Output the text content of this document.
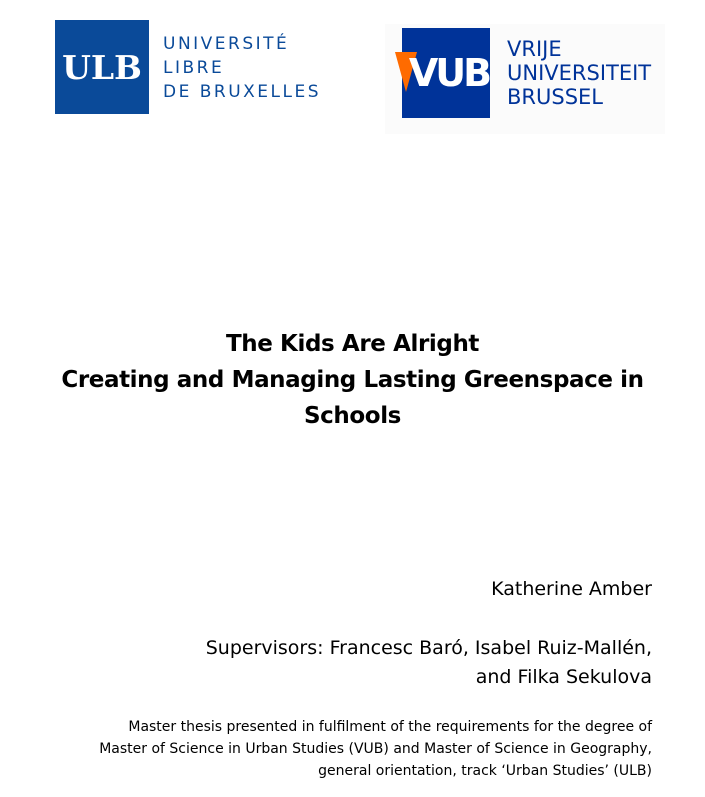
ULB
UNIVERSITÉ
LIBRE
DE BRUXELLES VUB
VRIJE
UNIVERSITEIT
BRUSSEL
The Kids Are Alright
Creating and Managing Lasting Greenspace in
Schools
Katherine Amber
Supervisors: Francesc Baró, Isabel Ruiz-Mallén,
and Filka Sekulova
Master thesis presented in fulfilment of the requirements for the degree of
Master of Science in Urban Studies (VUB) and Master of Science in Geography,
general orientation, track ‘Urban Studies’ (ULB)
